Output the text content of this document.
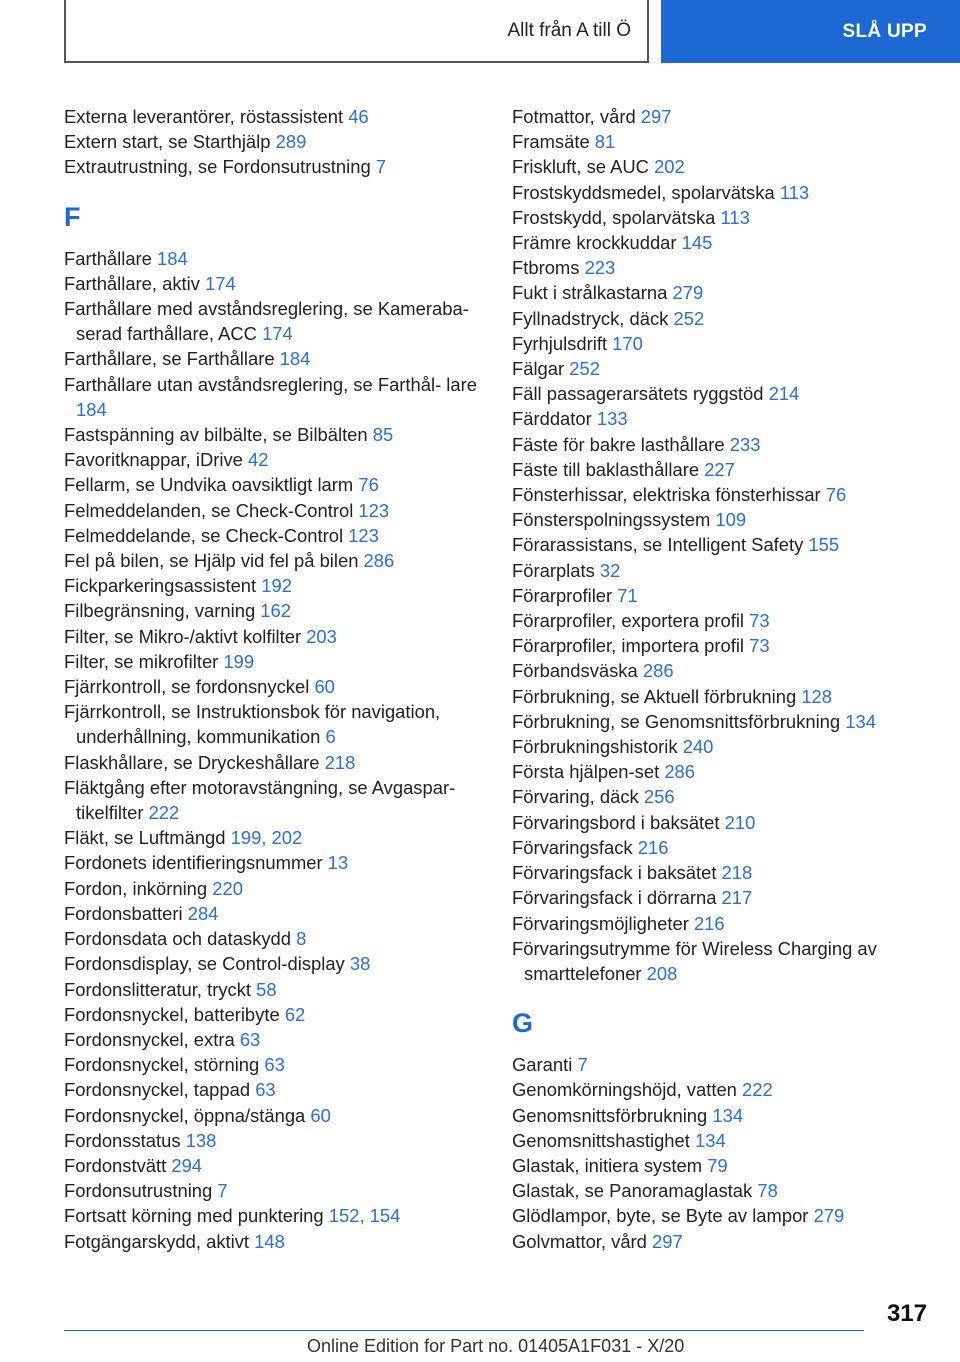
Allt från A till Ö	SLÅ UPP
Externa leverantörer, röstassistent 46
Extern start, se Starthjälp 289
Extrautrustning, se Fordonsutrustning 7
F
Farthållare 184
Farthållare, aktiv 174
Farthållare med avståndsreglering, se Kameraba- serad farthållare, ACC 174
Farthållare, se Farthållare 184
Farthållare utan avståndsreglering, se Farthål- lare 184
Fastspänning av bilbälte, se Bilbälten 85
Favoritknappar, iDrive 42
Fellarm, se Undvika oavsiktligt larm 76
Felmeddelanden, se Check-Control 123
Felmeddelande, se Check-Control 123
Fel på bilen, se Hjälp vid fel på bilen 286
Fickparkeringsassistent 192
Filbegränsning, varning 162
Filter, se Mikro-/aktivt kolfilter 203
Filter, se mikrofilter 199
Fjärrkontroll, se fordonsnyckel 60
Fjärrkontroll, se Instruktionsbok för navigation, underhållning, kommunikation 6
Flaskhållare, se Dryckeshållare 218
Fläktgång efter motoravstängning, se Avgaspar- tikelfilter 222
Fläkt, se Luftmängd 199, 202
Fordonets identifieringsnummer 13
Fordon, inkörning 220
Fordonsbatteri 284
Fordonsdata och dataskydd 8
Fordonsdisplay, se Control-display 38
Fordonslitteratur, tryckt 58
Fordonsnyckel, batteribyte 62
Fordonsnyckel, extra 63
Fordonsnyckel, störning 63
Fordonsnyckel, tappad 63
Fordonsnyckel, öppna/stänga 60
Fordonsstatus 138
Fordonstvätt 294
Fordonsutrustning 7
Fortsatt körning med punktering 152, 154
Fotgängarskydd, aktivt 148
Fotmattor, vård 297
Framsäte 81
Friskluft, se AUC 202
Frostskyddsmedel, spolarvätska 113
Frostskydd, spolarvätska 113
Främre krockkuddar 145
Ftbroms 223
Fukt i strålkastarna 279
Fyllnadstryck, däck 252
Fyrhjulsdrift 170
Fälgar 252
Fäll passagerarsätets ryggstöd 214
Färddator 133
Fäste för bakre lasthållare 233
Fäste till baklasthållare 227
Fönsterhissar, elektriska fönsterhissar 76
Fönsterspolningssystem 109
Förarassistans, se Intelligent Safety 155
Förarplats 32
Förarprofiler 71
Förarprofiler, exportera profil 73
Förarprofiler, importera profil 73
Förbandsväska 286
Förbrukning, se Aktuell förbrukning 128
Förbrukning, se Genomsnittsförbrukning 134
Förbrukningshistorik 240
Första hjälpen-set 286
Förvaring, däck 256
Förvaringsbord i baksätet 210
Förvaringsfack 216
Förvaringsfack i baksätet 218
Förvaringsfack i dörrarna 217
Förvaringsmöjligheter 216
Förvaringsutrymme för Wireless Charging av smarttelefoner 208
G
Garanti 7
Genomkörningshöjd, vatten 222
Genomsnittsförbrukning 134
Genomsnittshastighet 134
Glastak, initiera system 79
Glastak, se Panoramaglastak 78
Glödlampor, byte, se Byte av lampor 279
Golvmattor, vård 297
317
Online Edition for Part no. 01405A1F031 - X/20
